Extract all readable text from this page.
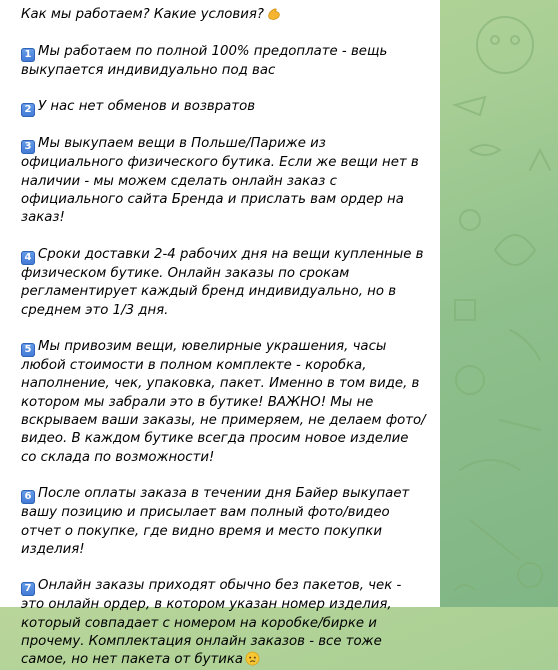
Как мы работаем? Какие условия?

1 Мы работаем по полной 100% предоплате - вещь выкупается индивидуально под вас

2 У нас нет обменов и возвратов

3 Мы выкупаем вещи в Польше/Париже из официального физического бутика. Если же вещи нет в наличии - мы можем сделать онлайн заказ с официального сайта Бренда и прислать вам ордер на заказ!

4 Сроки доставки 2-4 рабочих дня на вещи купленные в физическом бутике. Онлайн заказы по срокам регламентирует каждый бренд индивидуально, но в среднем это 1/3 дня.

5 Мы привозим вещи, ювелирные украшения, часы любой стоимости в полном комплекте - коробка, наполнение, чек, упаковка, пакет. Именно в том виде, в котором мы забрали это в бутике! ВАЖНО! Мы не вскрываем ваши заказы, не примеряем, не делаем фото/видео. В каждом бутике всегда просим новое изделие со склада по возможности!

6 После оплаты заказа в течении дня Байер выкупает вашу позицию и присылает вам полный фото/видео отчет о покупке, где видно время и место покупки изделия!

7 Онлайн заказы приходят обычно без пакетов, чек - это онлайн ордер, в котором указан номер изделия, который совпадает с номером на коробке/бирке и прочему. Комплектация онлайн заказов - все тоже самое, но нет пакета от бутика
